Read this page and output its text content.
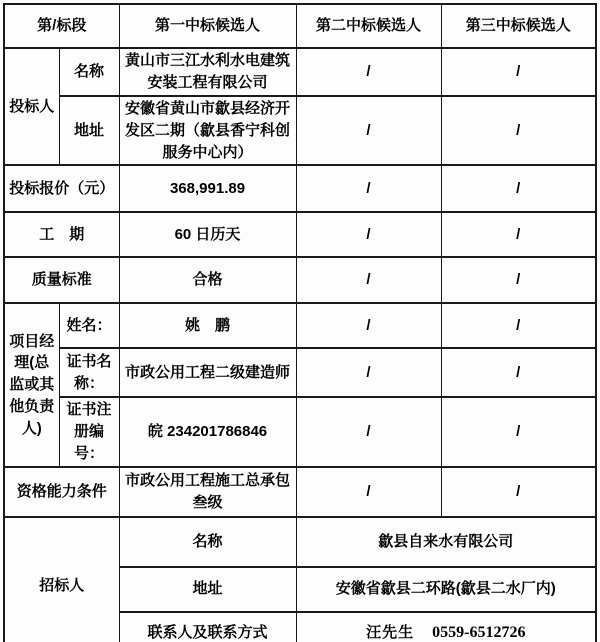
第/标段		第一中标候选人	第二中标候选人	第三中标候选人
投标人	名称	黄山市三江水利水电建筑安装工程有限公司	/	/
	地址	安徽省黄山市歙县经济开发区二期（歙县香宁科创服务中心内）	/	/
投标报价（元）		368,991.89	/	/
工　期		60 日历天	/	/
质量标准		合格	/	/
项目经理(总监或其他负责人)	姓名：	姚　鹏	/	/
	证书名称：	市政公用工程二级建造师	/	/
	证书注册编号：	皖 234201786846	/	/
资格能力条件		市政公用工程施工总承包叁级	/	/
招标人		名称	歙县自来水有限公司	
		地址	安徽省歙县二环路(歙县二水厂内)	
		联系人及联系方式	汪先生 0559-6512726	
